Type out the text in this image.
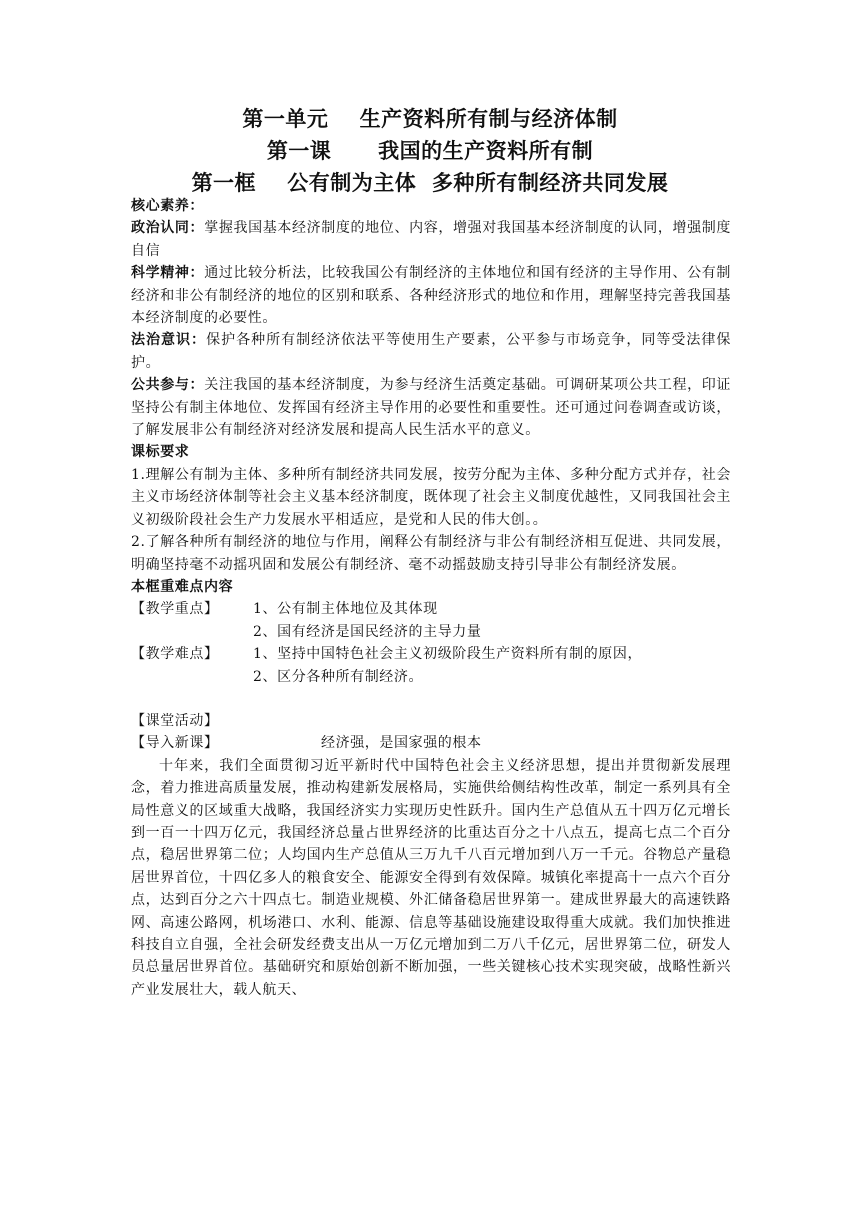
第一单元    生产资料所有制与经济体制
第一课      我国的生产资料所有制
第一框    公有制为主体  多种所有制经济共同发展

核心素养：

政治认同：掌握我国基本经济制度的地位、内容，增强对我国基本经济制度的认同，增强制度自信

科学精神：通过比较分析法，比较我国公有制经济的主体地位和国有经济的主导作用、公有制经济和非公有制经济的地位的区别和联系、各种经济形式的地位和作用，理解坚持完善我国基本经济制度的必要性。

法治意识：保护各种所有制经济依法平等使用生产要素，公平参与市场竞争，同等受法律保护。

公共参与：关注我国的基本经济制度，为参与经济生活奠定基础。可调研某项公共工程，印证坚持公有制主体地位、发挥国有经济主导作用的必要性和重要性。还可通过问卷调查或访谈，了解发展非公有制经济对经济发展和提高人民生活水平的意义。

课标要求

1.理解公有制为主体、多种所有制经济共同发展，按劳分配为主体、多种分配方式并存，社会主义市场经济体制等社会主义基本经济制度，既体现了社会主义制度优越性，又同我国社会主义初级阶段社会生产力发展水平相适应，是党和人民的伟大创。。

2.了解各种所有制经济的地位与作用，阐释公有制经济与非公有制经济相互促进、共同发展，明确坚持毫不动摇巩固和发展公有制经济、毫不动摇鼓励支持引导非公有制经济发展。

本框重难点内容

【教学重点】	1、公有制主体地位及其体现
2、国有经济是国民经济的主导力量
【教学难点】	1、坚持中国特色社会主义初级阶段生产资料所有制的原因，
2、区分各种所有制经济。

【课堂活动】

【导入新课】	经济强，是国家强的根本

十年来，我们全面贯彻习近平新时代中国特色社会主义经济思想，提出并贯彻新发展理念，着力推进高质量发展，推动构建新发展格局，实施供给侧结构性改革，制定一系列具有全局性意义的区域重大战略，我国经济实力实现历史性跃升。国内生产总值从五十四万亿元增长到一百一十四万亿元，我国经济总量占世界经济的比重达百分之十八点五，提高七点二个百分点，稳居世界第二位；人均国内生产总值从三万九千八百元增加到八万一千元。谷物总产量稳居世界首位，十四亿多人的粮食安全、能源安全得到有效保障。城镇化率提高十一点六个百分点，达到百分之六十四点七。制造业规模、外汇储备稳居世界第一。建成世界最大的高速铁路网、高速公路网，机场港口、水利、能源、信息等基础设施建设取得重大成就。我们加快推进科技自立自强，全社会研发经费支出从一万亿元增加到二万八千亿元，居世界第二位，研发人员总量居世界首位。基础研究和原始创新不断加强，一些关键核心技术实现突破，战略性新兴产业发展壮大，载人航天、
